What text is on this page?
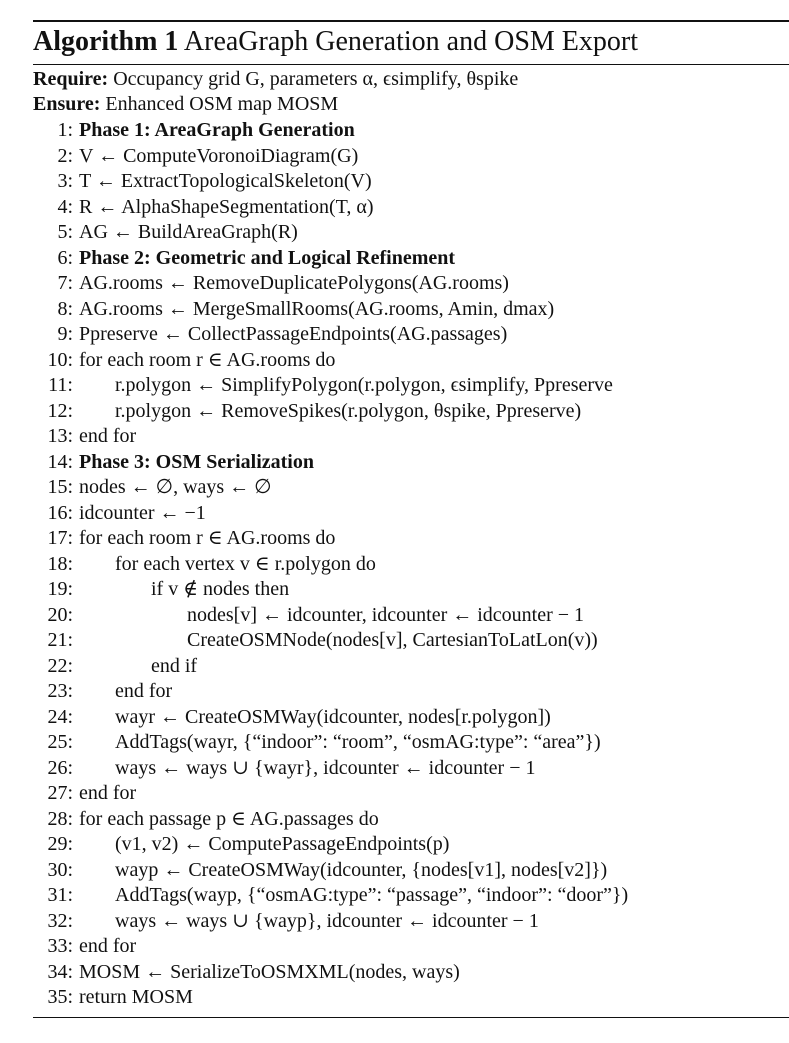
Algorithm 1 AreaGraph Generation and OSM Export
Require: Occupancy grid G, parameters α, ϵsimplify, θspike
Ensure: Enhanced OSM map MOSM
1: Phase 1: AreaGraph Generation
2: V ← ComputeVoronoiDiagram(G)
3: T ← ExtractTopologicalSkeleton(V)
4: R ← AlphaShapeSegmentation(T, α)
5: AG ← BuildAreaGraph(R)
6: Phase 2: Geometric and Logical Refinement
7: AG.rooms ← RemoveDuplicatePolygons(AG.rooms)
8: AG.rooms ← MergeSmallRooms(AG.rooms, Amin, dmax)
9: Ppreserve ← CollectPassageEndpoints(AG.passages)
10: for each room r ∈ AG.rooms do
11: r.polygon ← SimplifyPolygon(r.polygon, ϵsimplify, Ppreserve
12: r.polygon ← RemoveSpikes(r.polygon, θspike, Ppreserve)
13: end for
14: Phase 3: OSM Serialization
15: nodes ← ∅, ways ← ∅
16: idcounter ← −1
17: for each room r ∈ AG.rooms do
18: for each vertex v ∈ r.polygon do
19:	if v ∉ nodes then
20:	nodes[v] ← idcounter, idcounter ← idcounter − 1
21:	CreateOSMNode(nodes[v], CartesianToLatLon(v))
22:	end if
23: end for
24: wayr ← CreateOSMWay(idcounter, nodes[r.polygon])
25: AddTags(wayr, {“indoor”: “room”, “osmAG:type”: “area”})
26: ways ← ways ∪ {wayr}, idcounter ← idcounter − 1
27: end for
28: for each passage p ∈ AG.passages do
29: (v1, v2) ← ComputePassageEndpoints(p)
30: wayp ← CreateOSMWay(idcounter, {nodes[v1], nodes[v2]})
31: AddTags(wayp, {“osmAG:type”: “passage”, “indoor”: “door”})
32: ways ← ways ∪ {wayp}, idcounter ← idcounter − 1
33: end for
34: MOSM ← SerializeToOSMXML(nodes, ways)
35: return MOSM
